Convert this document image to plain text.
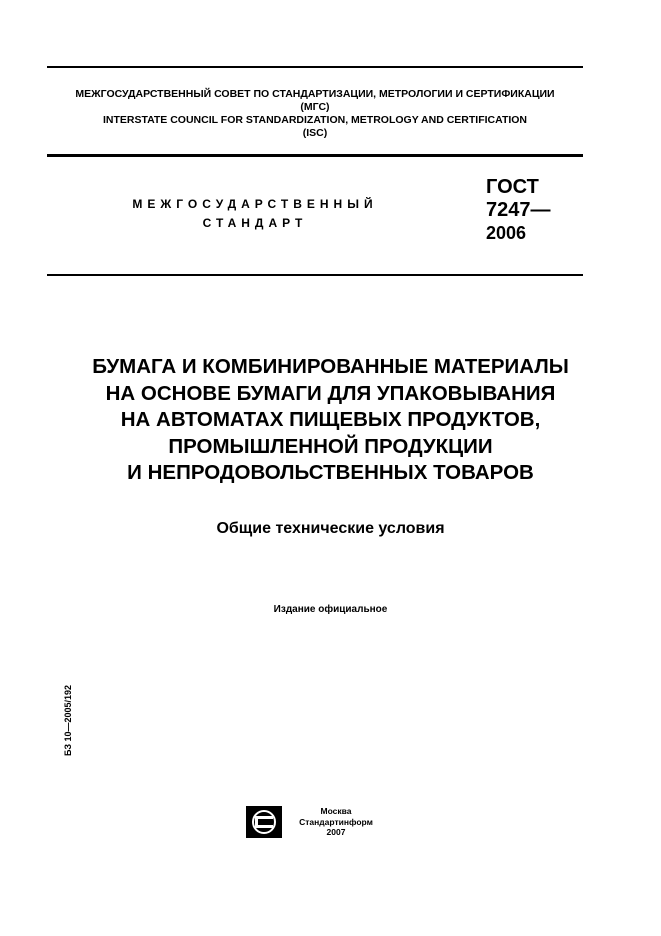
МЕЖГОСУДАРСТВЕННЫЙ СОВЕТ ПО СТАНДАРТИЗАЦИИ, МЕТРОЛОГИИ И СЕРТИФИКАЦИИ
(МГС)
INTERSTATE COUNCIL FOR STANDARDIZATION, METROLOGY AND CERTIFICATION
(ISC)
МЕЖГОСУДАРСТВЕННЫЙ
СТАНДАРТ
ГОСТ
7247—
2006
БУМАГА И КОМБИНИРОВАННЫЕ МАТЕРИАЛЫ
НА ОСНОВЕ БУМАГИ ДЛЯ УПАКОВЫВАНИЯ
НА АВТОМАТАХ ПИЩЕВЫХ ПРОДУКТОВ,
ПРОМЫШЛЕННОЙ ПРОДУКЦИИ
И НЕПРОДОВОЛЬСТВЕННЫХ ТОВАРОВ
Общие технические условия
Издание официальное
БЗ 10—2005/192
Москва
Стандартинформ
2007
